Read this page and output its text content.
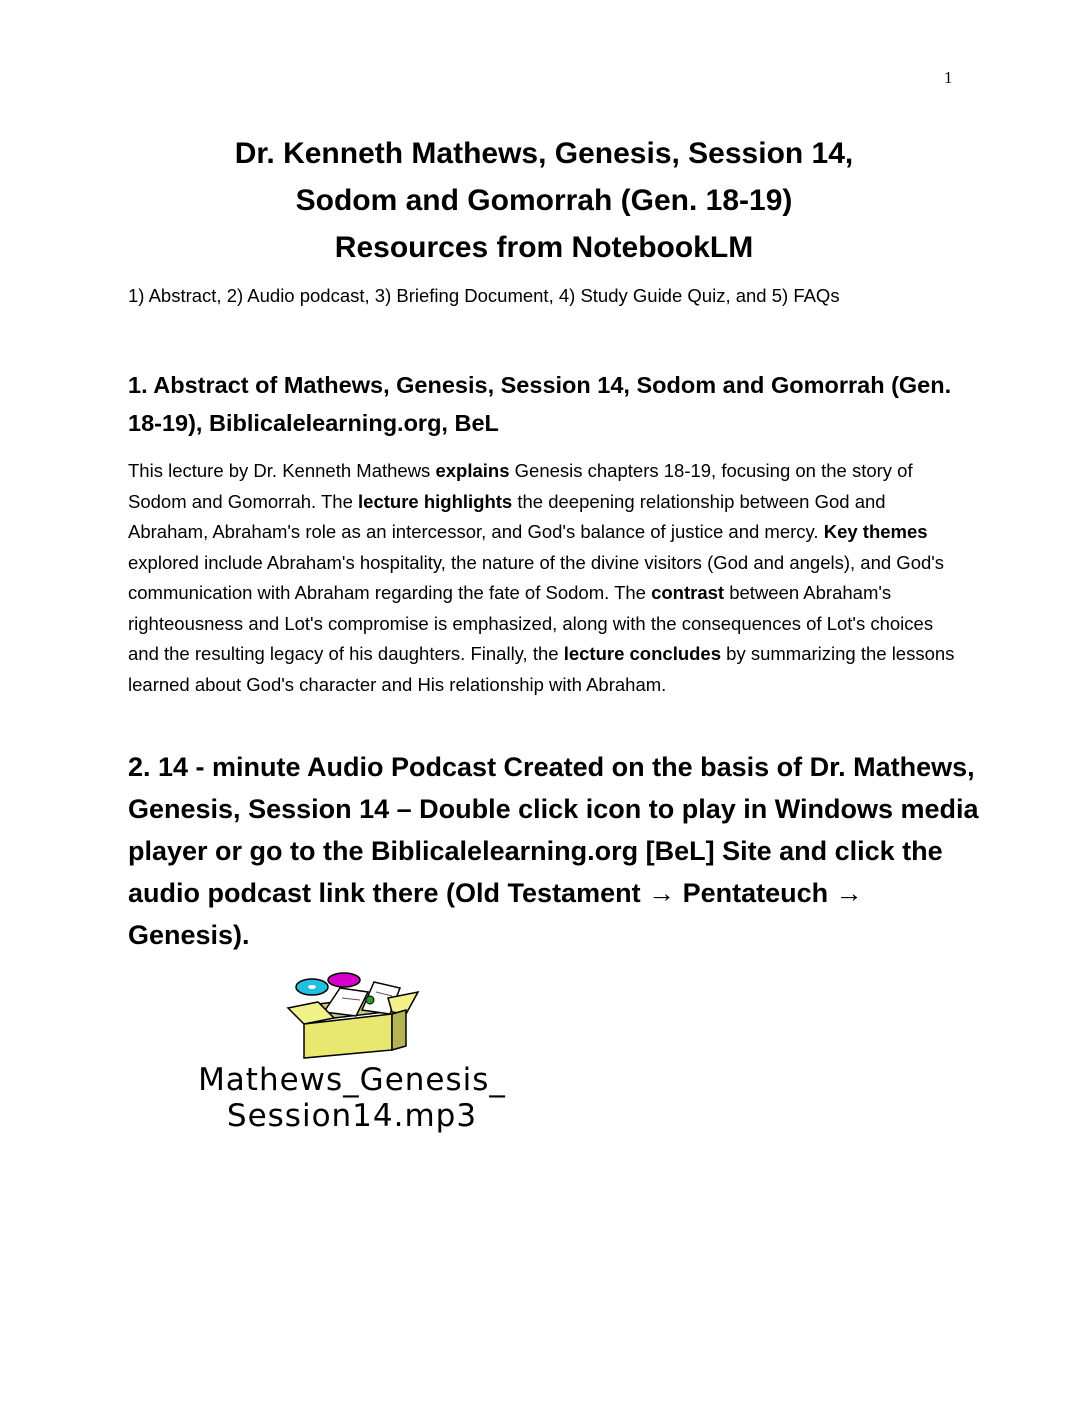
1
Dr. Kenneth Mathews, Genesis, Session 14,
Sodom and Gomorrah (Gen. 18-19)
Resources from NotebookLM
1) Abstract, 2) Audio podcast, 3) Briefing Document, 4) Study Guide Quiz, and 5) FAQs
1. Abstract of Mathews, Genesis, Session 14, Sodom and Gomorrah (Gen. 18-19), Biblicalelearning.org, BeL
This lecture by Dr. Kenneth Mathews explains Genesis chapters 18-19, focusing on the story of Sodom and Gomorrah. The lecture highlights the deepening relationship between God and Abraham, Abraham's role as an intercessor, and God's balance of justice and mercy. Key themes explored include Abraham's hospitality, the nature of the divine visitors (God and angels), and God's communication with Abraham regarding the fate of Sodom. The contrast between Abraham's righteousness and Lot's compromise is emphasized, along with the consequences of Lot's choices and the resulting legacy of his daughters. Finally, the lecture concludes by summarizing the lessons learned about God's character and His relationship with Abraham.
2. 14 - minute Audio Podcast Created on the basis of Dr. Mathews, Genesis, Session 14 – Double click icon to play in Windows media player or go to the Biblicalelearning.org [BeL] Site and click the audio podcast link there (Old Testament → Pentateuch → Genesis).
Mathews_Genesis_
Session14.mp3
